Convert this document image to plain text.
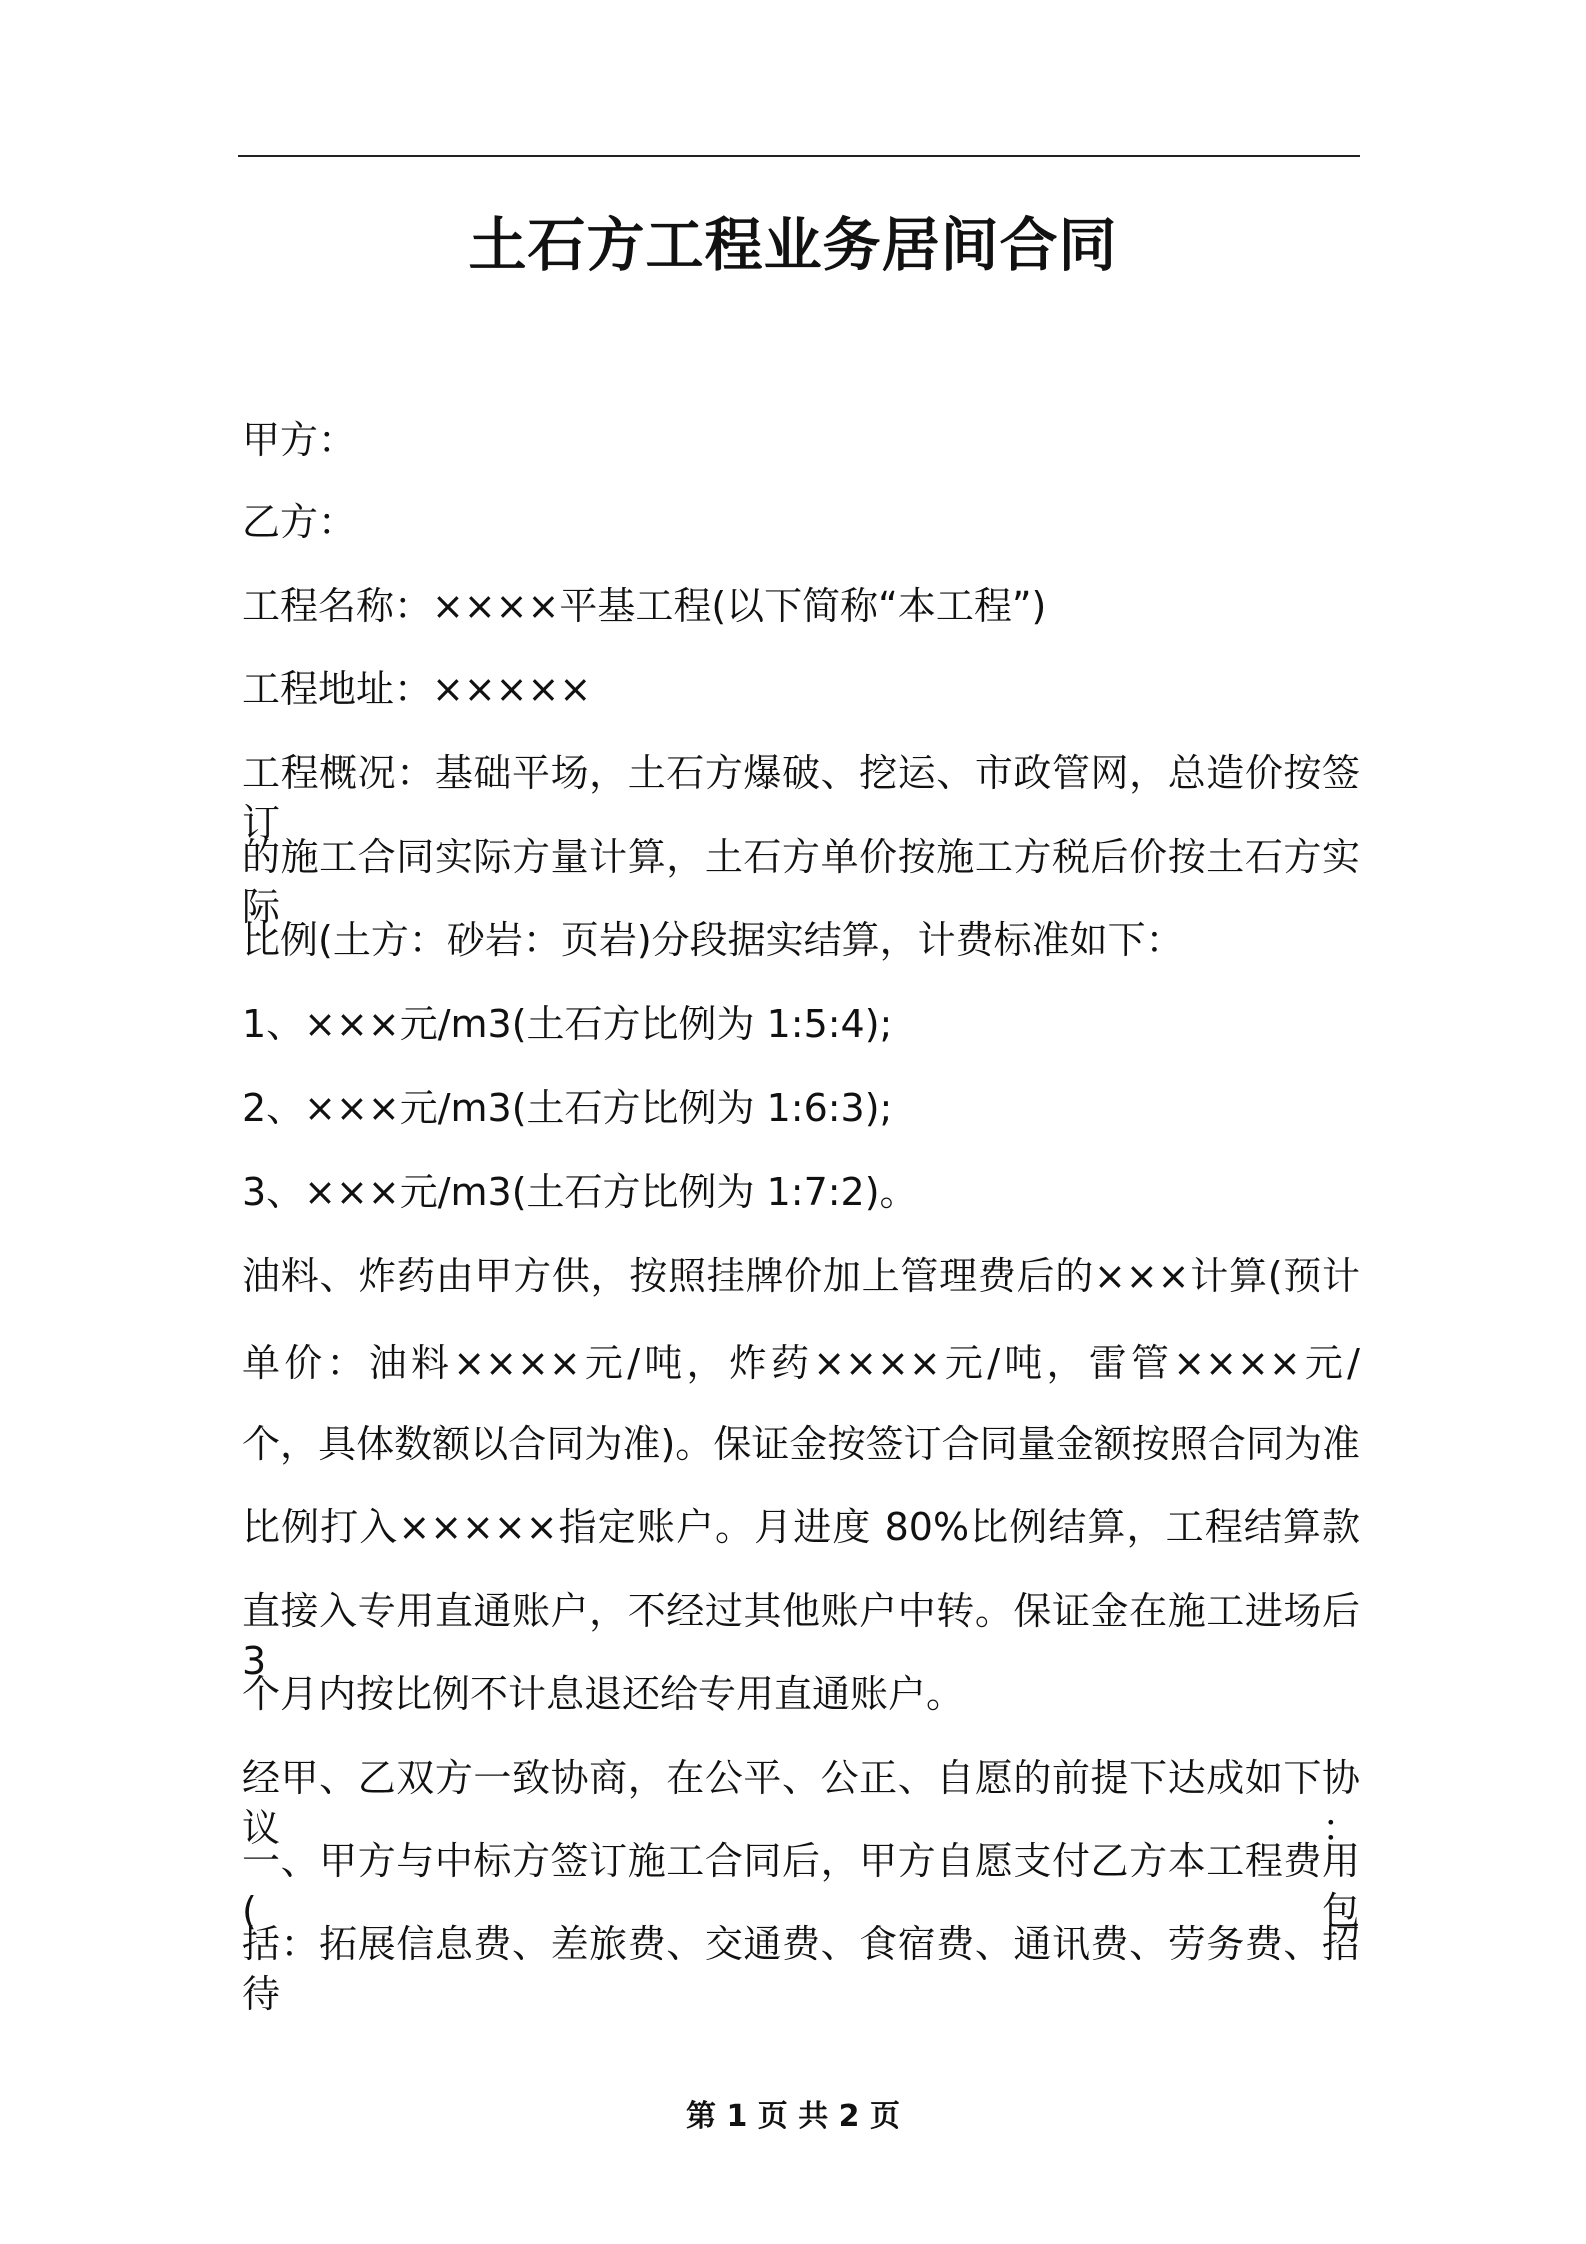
土石方工程业务居间合同
甲方：
乙方：
工程名称：××××平基工程(以下简称“本工程”)
工程地址：×××××
工程概况：基础平场，土石方爆破、挖运、市政管网，总造价按签订
的施工合同实际方量计算，土石方单价按施工方税后价按土石方实际
比例(土方：砂岩：页岩)分段据实结算，计费标准如下：
1、×××元/m3(土石方比例为 1:5:4);
2、×××元/m3(土石方比例为 1:6:3);
3、×××元/m3(土石方比例为 1:7:2)。
油料、炸药由甲方供，按照挂牌价加上管理费后的×××计算(预计
单价：油料××××元/吨，炸药××××元/吨，雷管××××元/
个，具体数额以合同为准)。保证金按签订合同量金额按照合同为准
比例打入×××××指定账户。月进度 80%比例结算，工程结算款
直接入专用直通账户，不经过其他账户中转。保证金在施工进场后 3
个月内按比例不计息退还给专用直通账户。
经甲、乙双方一致协商，在公平、公正、自愿的前提下达成如下协议：
一、甲方与中标方签订施工合同后，甲方自愿支付乙方本工程费用(包
括：拓展信息费、差旅费、交通费、食宿费、通讯费、劳务费、招待
第 1 页 共 2 页
